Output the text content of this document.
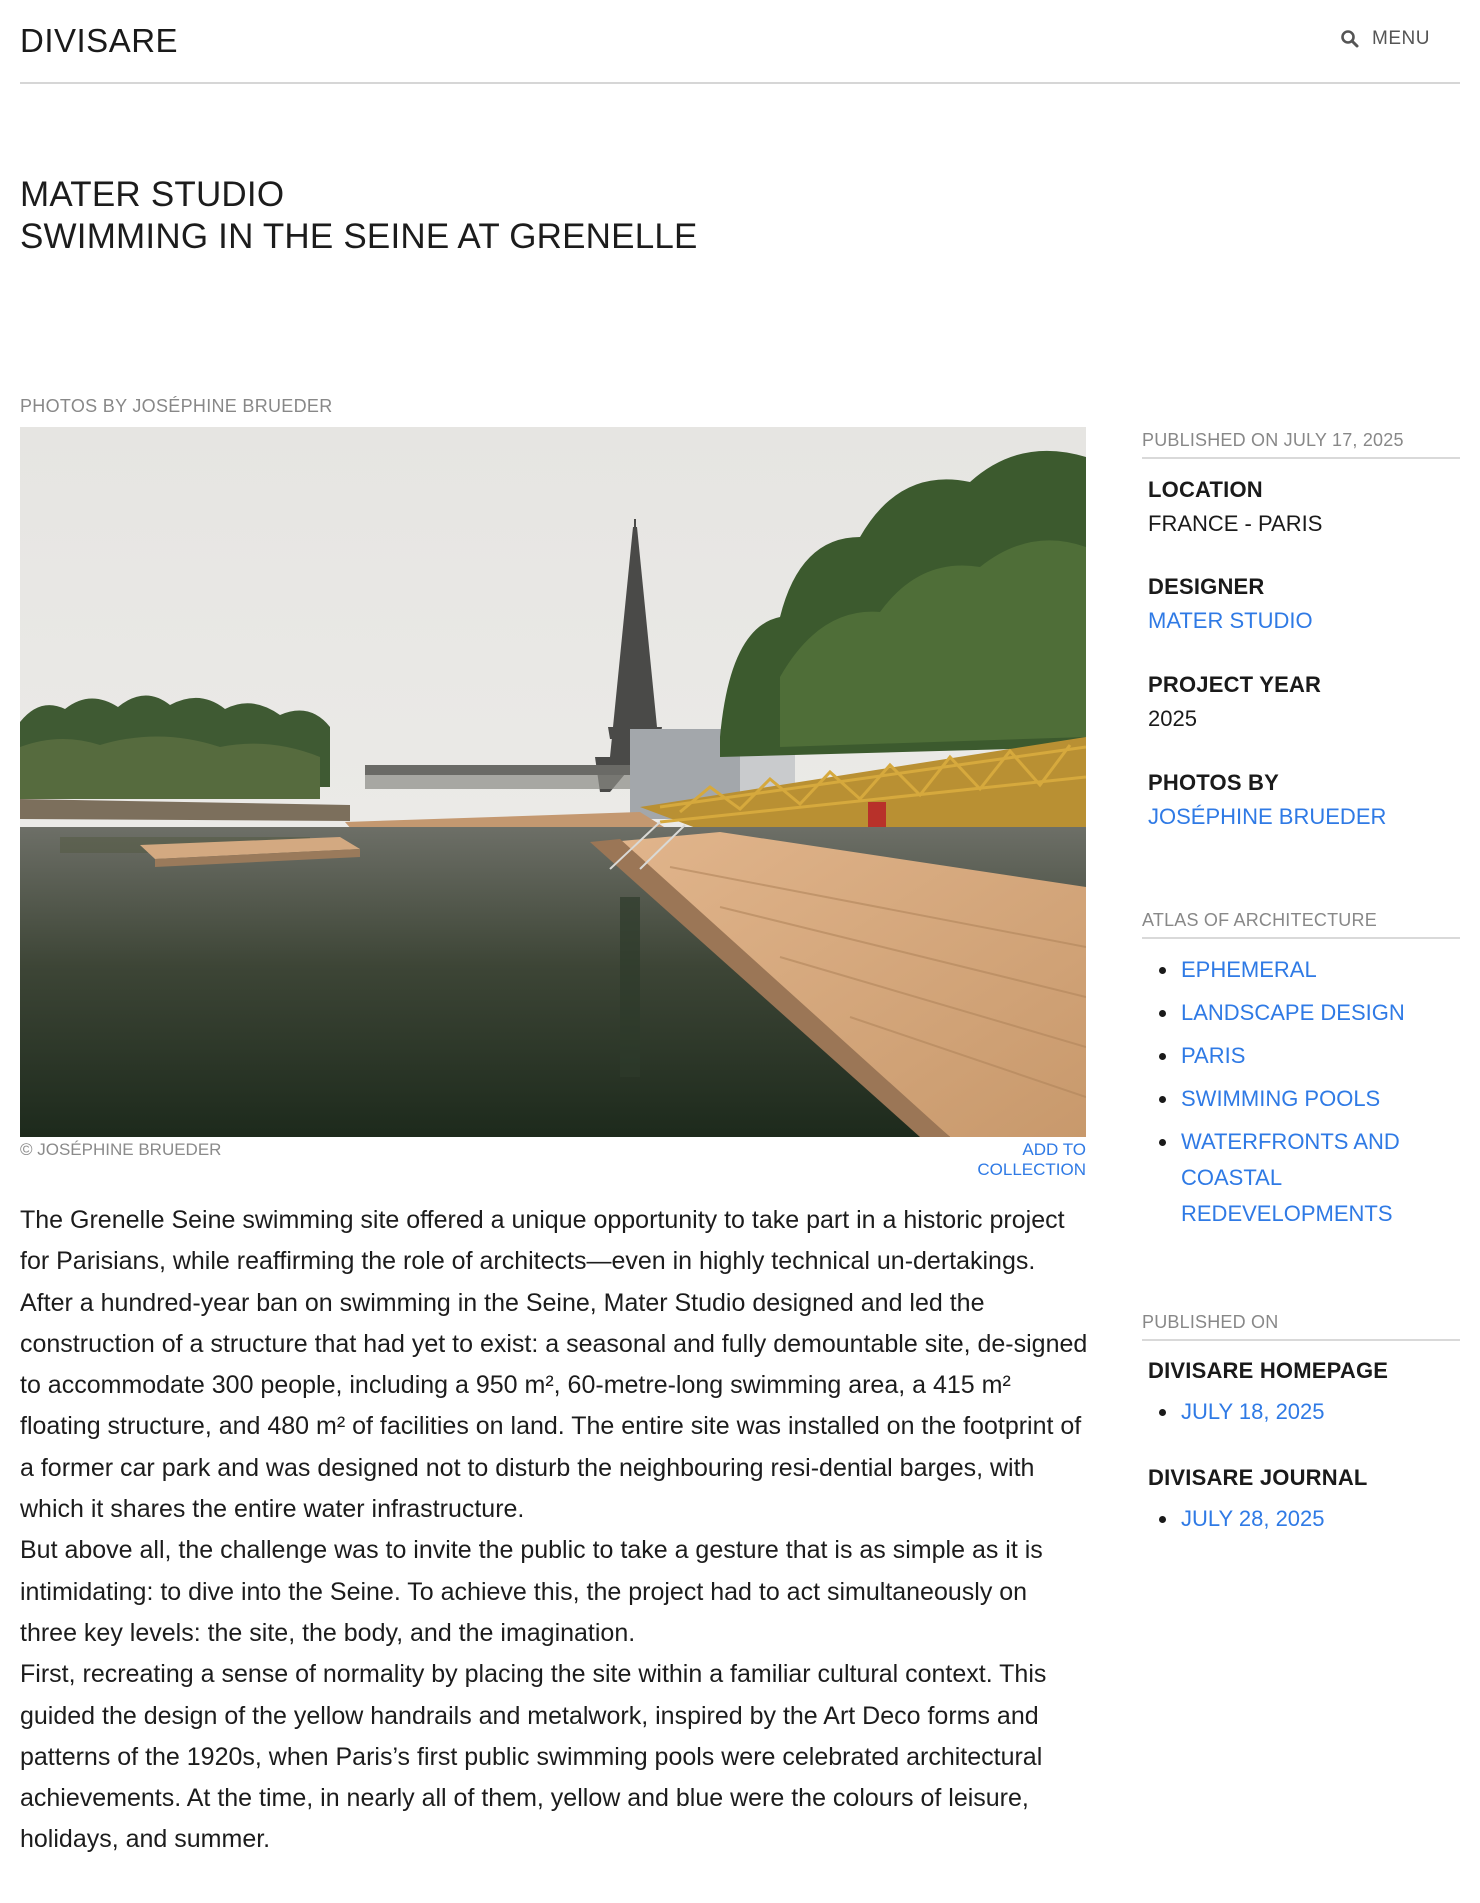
DIVISARE	MENU
MATER STUDIO
SWIMMING IN THE SEINE AT GRENELLE
PHOTOS BY JOSÉPHINE BRUEDER
© JOSÉPHINE BRUEDER	ADD TO COLLECTION

The Grenelle Seine swimming site offered a unique opportunity to take part in a historic project for Parisians, while reaffirming the role of architects—even in highly technical un-dertakings.

After a hundred-year ban on swimming in the Seine, Mater Studio designed and led the construction of a structure that had yet to exist: a seasonal and fully demountable site, de-signed to accommodate 300 people, including a 950 m², 60-metre-long swimming area, a 415 m² floating structure, and 480 m² of facilities on land. The entire site was installed on the footprint of a former car park and was designed not to disturb the neighbouring resi-dential barges, with which it shares the entire water infrastructure.

But above all, the challenge was to invite the public to take a gesture that is as simple as it is intimidating: to dive into the Seine. To achieve this, the project had to act simultaneously on three key levels: the site, the body, and the imagination.

First, recreating a sense of normality by placing the site within a familiar cultural context. This guided the design of the yellow handrails and metalwork, inspired by the Art Deco forms and patterns of the 1920s, when Paris’s first public swimming pools were celebrated architectural achievements. At the time, in nearly all of them, yellow and blue were the colours of leisure, holidays, and summer.

PUBLISHED ON JULY 17, 2025
LOCATION
FRANCE - PARIS
DESIGNER
MATER STUDIO
PROJECT YEAR
2025
PHOTOS BY
JOSÉPHINE BRUEDER
ATLAS OF ARCHITECTURE
EPHEMERAL
LANDSCAPE DESIGN
PARIS
SWIMMING POOLS
WATERFRONTS AND COASTAL REDEVELOPMENTS
PUBLISHED ON
DIVISARE HOMEPAGE
JULY 18, 2025
DIVISARE JOURNAL
JULY 28, 2025
